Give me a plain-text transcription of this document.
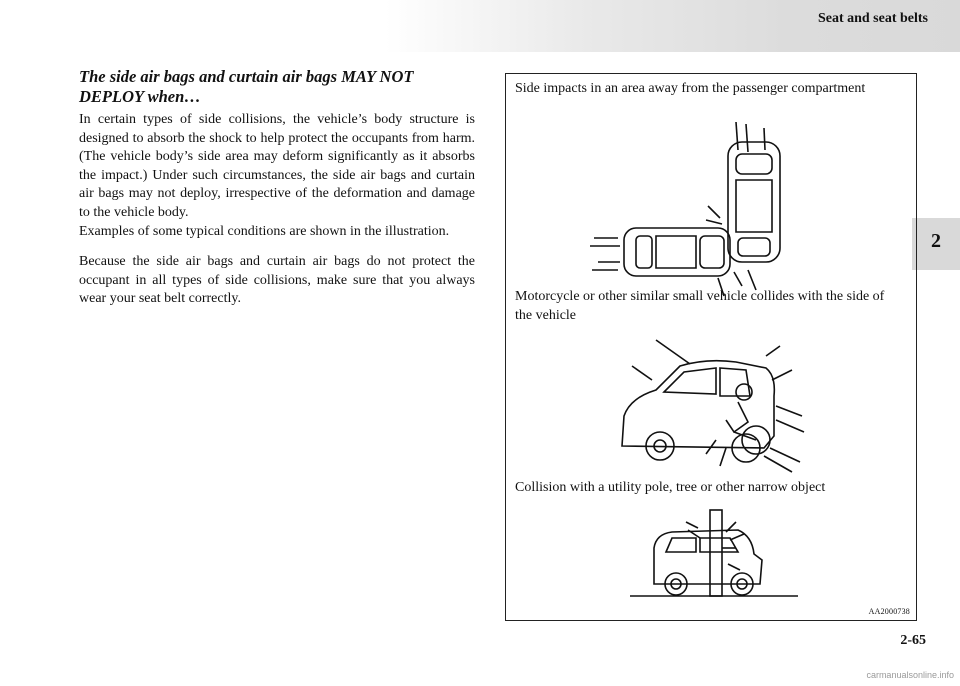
Seat and seat belts
2
The side air bags and curtain air bags MAY NOT DEPLOY when…

In certain types of side collisions, the vehicle’s body structure is designed to absorb the shock to help protect the occupants from harm. (The vehicle body’s side area may deform significantly as it absorbs the impact.) Under such circumstances, the side air bags and curtain air bags may not deploy, irrespective of the deformation and damage to the vehicle body.

Examples of some typical conditions are shown in the illustration.

Because the side air bags and curtain air bags do not protect the occupant in all types of side collisions, make sure that you always wear your seat belt correctly.

Side impacts in an area away from the passenger compartment
Motorcycle or other similar small vehicle collides with the side of the vehicle
Collision with a utility pole, tree or other narrow object
AA2000738
2-65
carmanualsonline.info
